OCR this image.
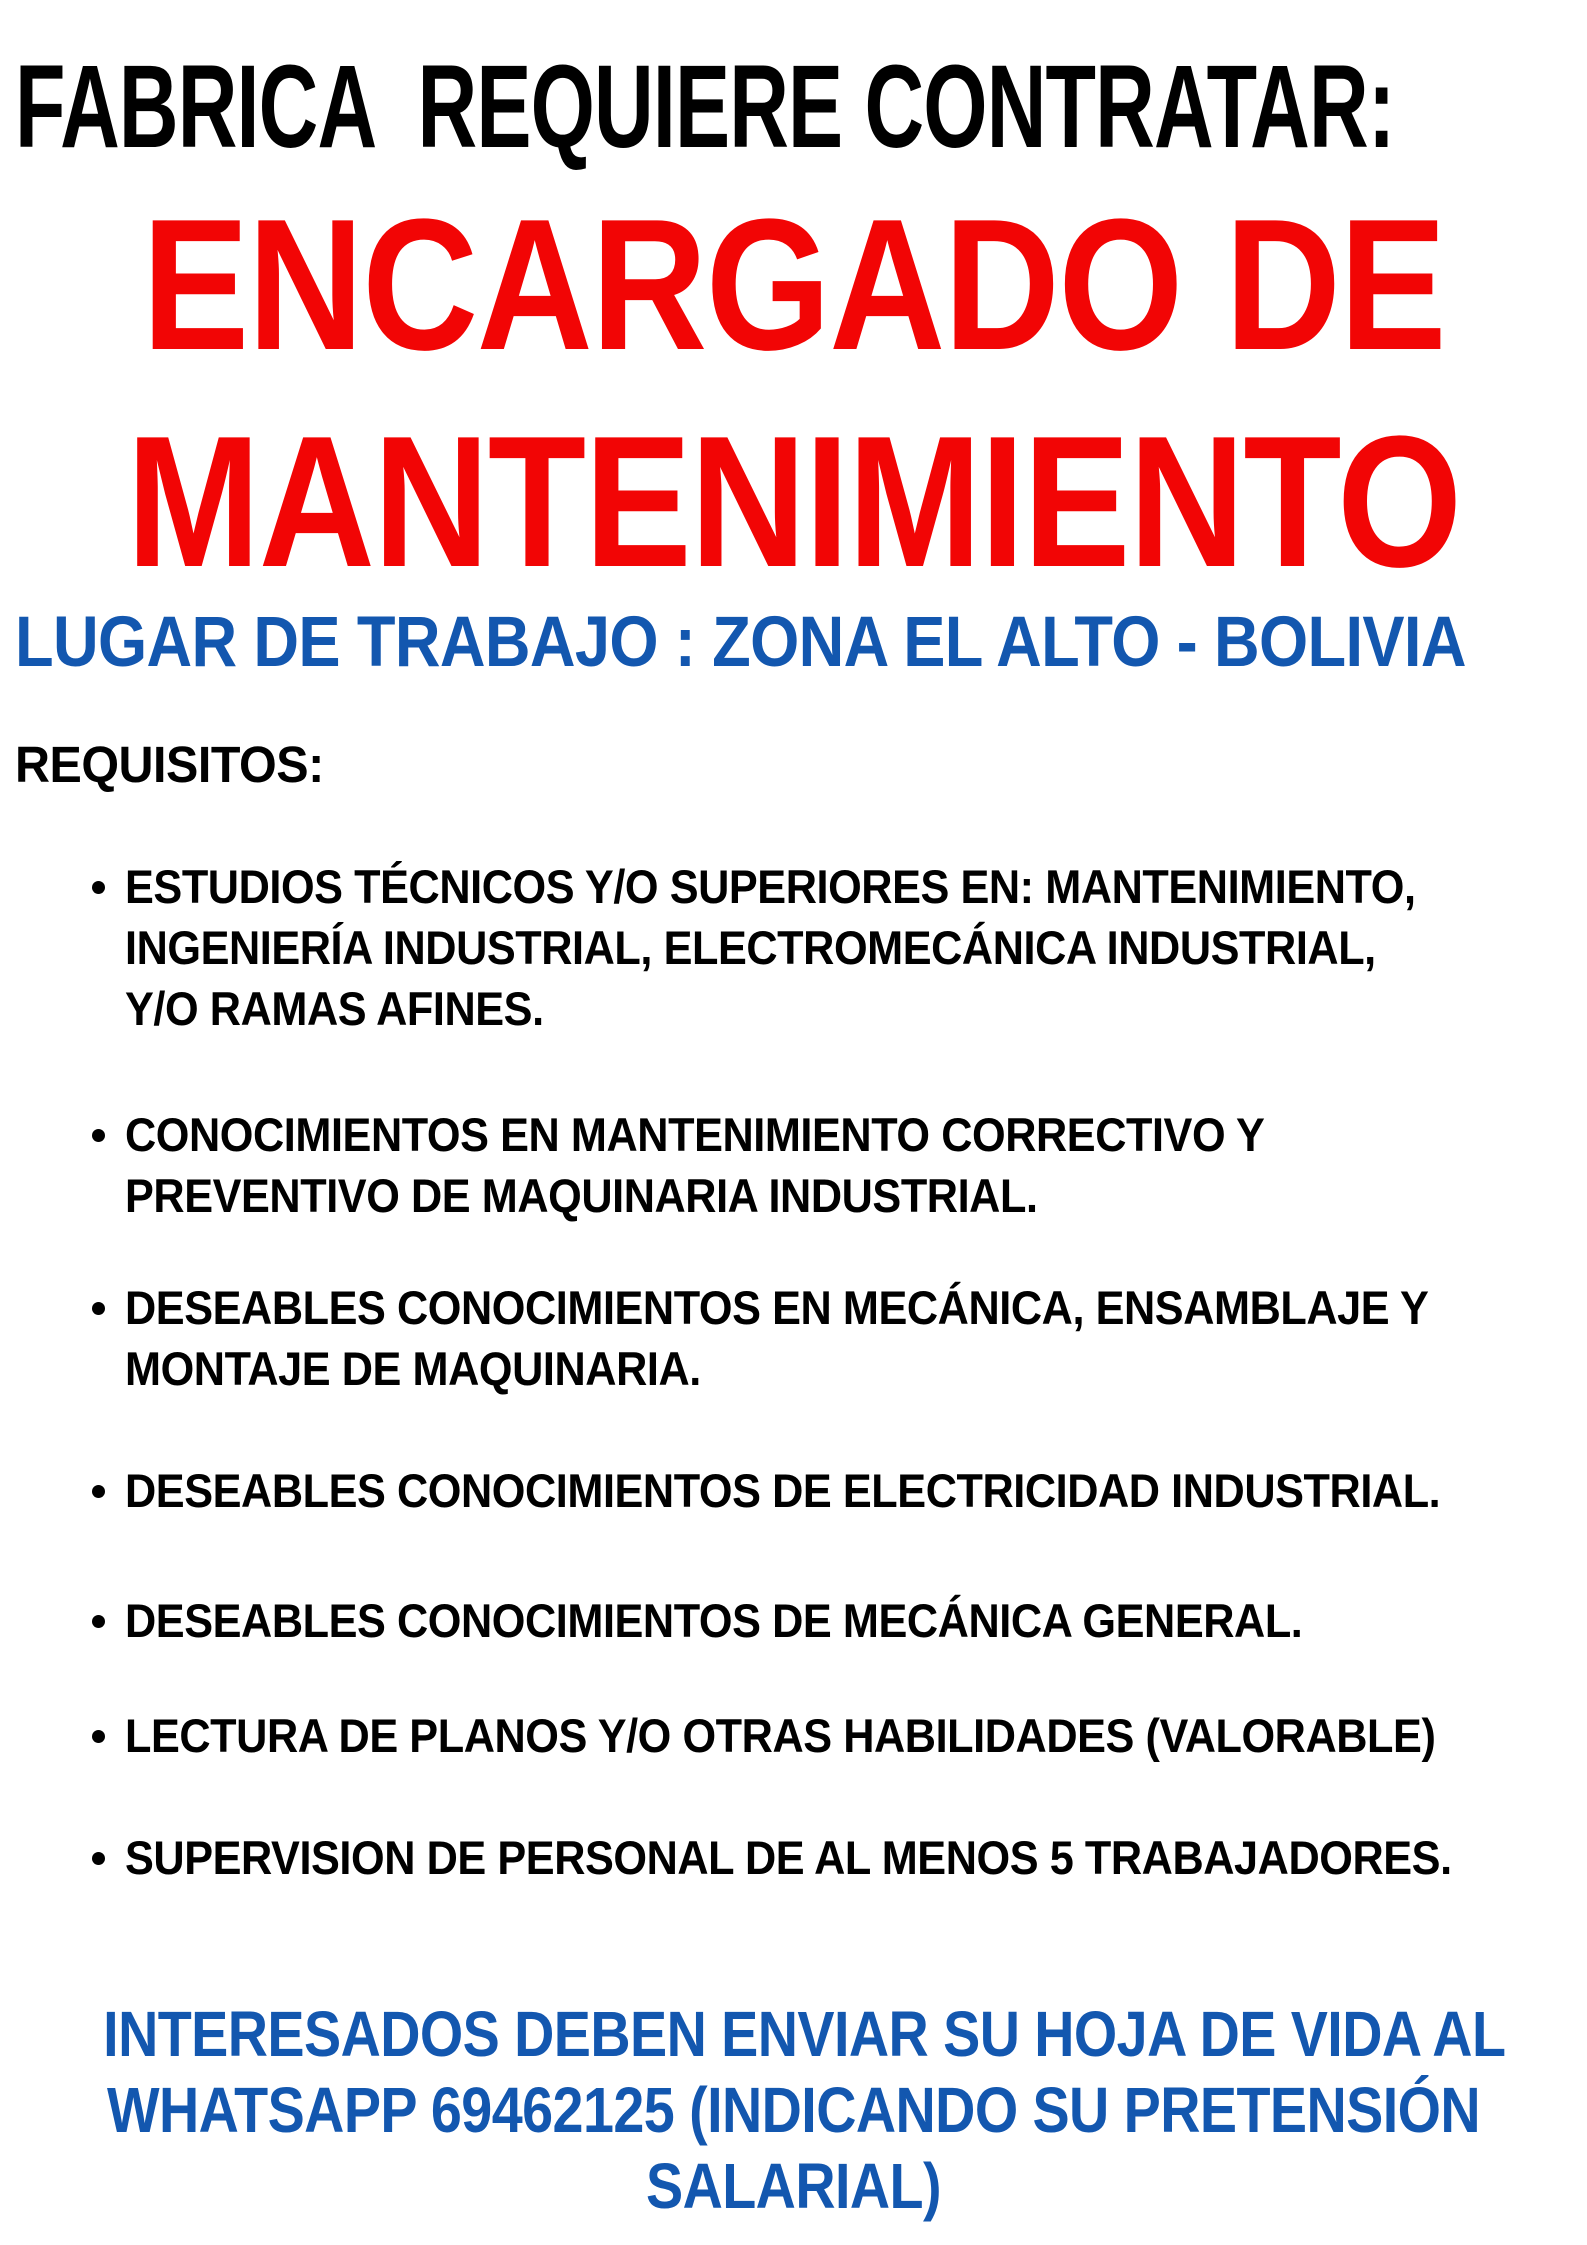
FABRICA  REQUIERE CONTRATAR:
ENCARGADO DE
MANTENIMIENTO
LUGAR DE TRABAJO : ZONA EL ALTO - BOLIVIA
REQUISITOS:
ESTUDIOS TÉCNICOS Y/O SUPERIORES EN: MANTENIMIENTO,
INGENIERÍA INDUSTRIAL, ELECTROMECÁNICA INDUSTRIAL,
Y/O RAMAS AFINES.
CONOCIMIENTOS EN MANTENIMIENTO CORRECTIVO Y
PREVENTIVO DE MAQUINARIA INDUSTRIAL.
DESEABLES CONOCIMIENTOS EN MECÁNICA, ENSAMBLAJE Y
MONTAJE DE MAQUINARIA.
DESEABLES CONOCIMIENTOS DE ELECTRICIDAD INDUSTRIAL.
DESEABLES CONOCIMIENTOS DE MECÁNICA GENERAL.
LECTURA DE PLANOS Y/O OTRAS HABILIDADES (VALORABLE)
SUPERVISION DE PERSONAL DE AL MENOS 5 TRABAJADORES.
INTERESADOS DEBEN ENVIAR SU HOJA DE VIDA AL
WHATSAPP 69462125 (INDICANDO SU PRETENSIÓN
SALARIAL)
